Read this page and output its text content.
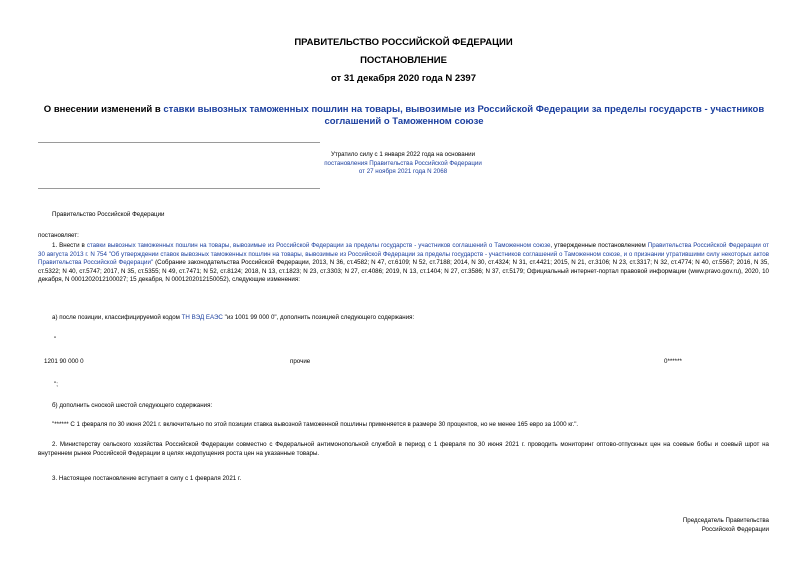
ПРАВИТЕЛЬСТВО РОССИЙСКОЙ ФЕДЕРАЦИИ
ПОСТАНОВЛЕНИЕ
от 31 декабря 2020 года N 2397
О внесении изменений в ставки вывозных таможенных пошлин на товары, вывозимые из Российской Федерации за пределы государств - участников соглашений о Таможенном союзе
Утратило силу с 1 января 2022 года на основании
постановления Правительства Российской Федерации
от 27 ноября 2021 года N 2068
Правительство Российской Федерации
постановляет:
1. Внести в ставки вывозных таможенных пошлин на товары, вывозимые из Российской Федерации за пределы государств - участников соглашений о Таможенном союзе, утвержденные постановлением Правительства Российской Федерации от 30 августа 2013 г. N 754 "Об утверждении ставок вывозных таможенных пошлин на товары, вывозимые из Российской Федерации за пределы государств - участников соглашений о Таможенном союзе, и о признании утратившими силу некоторых актов Правительства Российской Федерации" (Собрание законодательства Российской Федерации, 2013, N 36, ст.4582; N 47, ст.6109; N 52, ст.7188; 2014, N 30, ст.4324; N 31, ст.4421; 2015, N 21, ст.3106; N 23, ст.3317; N 32, ст.4774; N 40, ст.5567; 2016, N 35, ст.5322; N 40, ст.5747; 2017, N 35, ст.5355; N 49, ст.7471; N 52, ст.8124; 2018, N 13, ст.1823; N 23, ст.3303; N 27, ст.4086; 2019, N 13, ст.1404; N 27, ст.3586; N 37, ст.5179; Официальный интернет-портал правовой информации (www.pravo.gov.ru), 2020, 10 декабря, N 0001202012100027; 15 декабря, N 0001202012150052), следующие изменения:
а) после позиции, классифицируемой кодом ТН ВЭД ЕАЭС "из 1001 99 000 0", дополнить позицией следующего содержания:
"
1201 90 000 0	прочие	0******
";
б) дополнить сноской шестой следующего содержания:
"****** С 1 февраля по 30 июня 2021 г. включительно по этой позиции ставка вывозной таможенной пошлины применяется в размере 30 процентов, но не менее 165 евро за 1000 кг.".
2. Министерству сельского хозяйства Российской Федерации совместно с Федеральной антимонопольной службой в период с 1 февраля по 30 июня 2021 г. проводить мониторинг оптово-отпускных цен на соевые бобы и соевый шрот на внутреннем рынке Российской Федерации в целях недопущения роста цен на указанные товары.
3. Настоящее постановление вступает в силу с 1 февраля 2021 г.
Председатель Правительства
Российской Федерации
